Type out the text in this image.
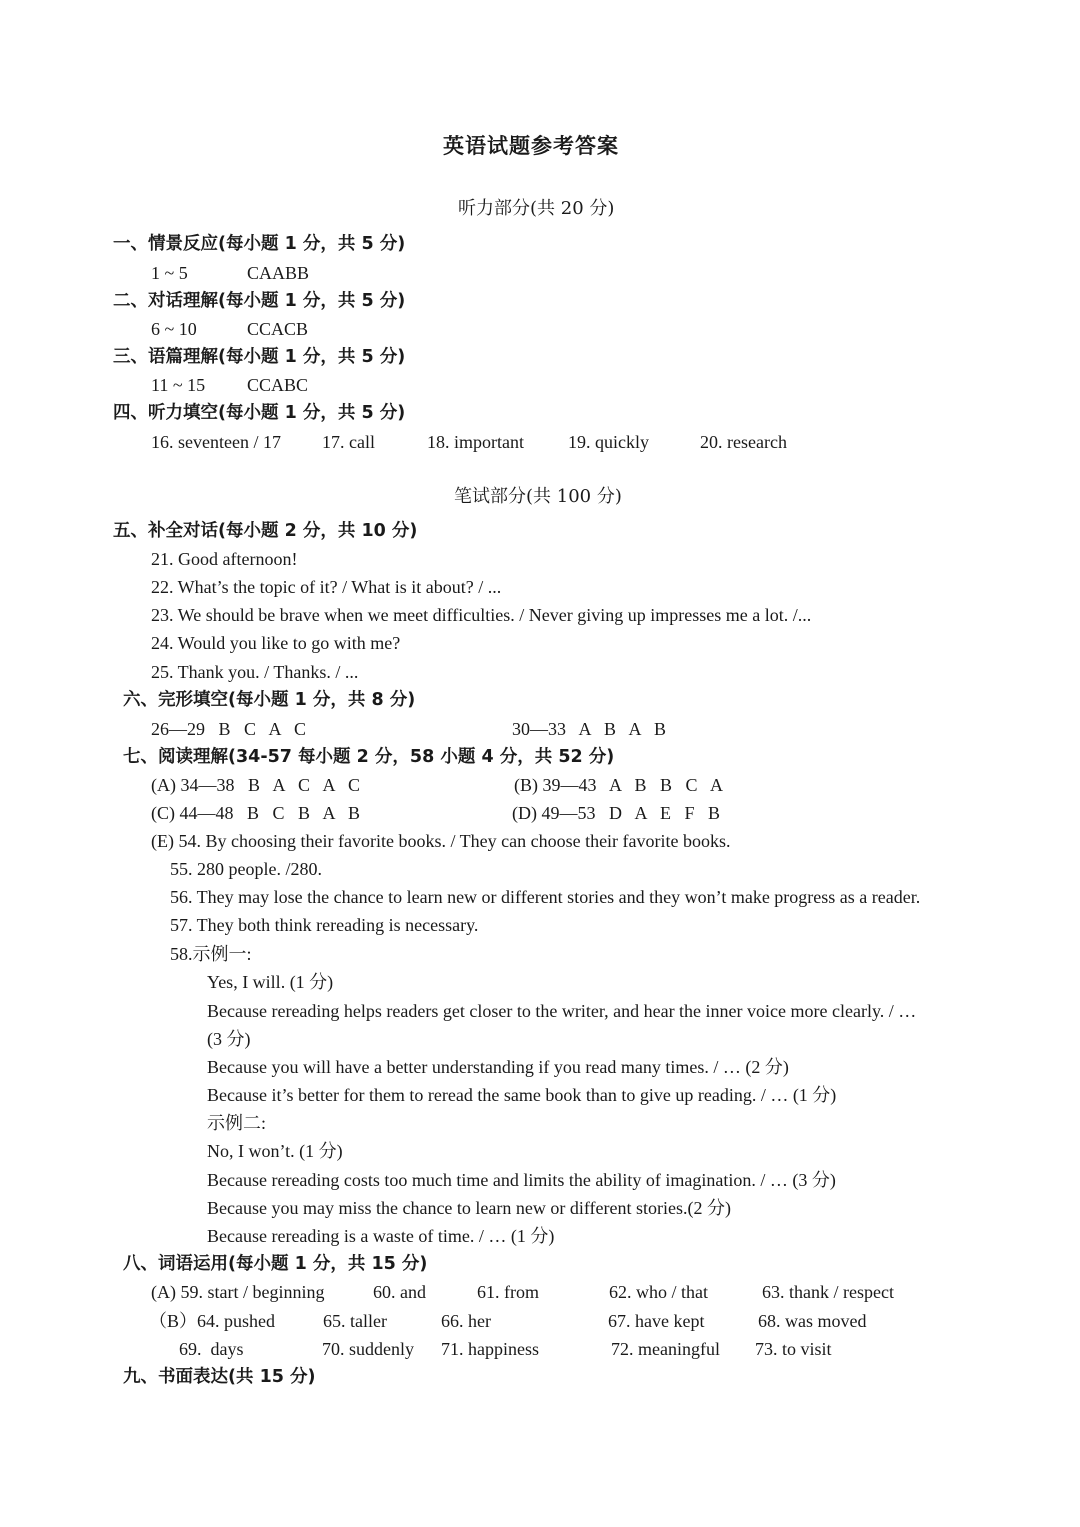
英语试题参考答案
听力部分(共 20 分)
一、情景反应(每小题 1 分，共 5 分)
1 ~ 5	CAABB
二、对话理解(每小题 1 分，共 5 分)
6 ~ 10	CCACB
三、语篇理解(每小题 1 分，共 5 分)
11 ~ 15 CCABC
四、听力填空(每小题 1 分，共 5 分)
16. seventeen / 17 17. call	18. important 19. quickly	20. research
笔试部分(共 100 分)
五、补全对话(每小题 2 分，共 10 分)
21. Good afternoon!
22. What’s the topic of it? / What is it about? / ...
23. We should be brave when we meet difficulties. / Never giving up impresses me a lot. /...
24. Would you like to go with me?
25. Thank you. / Thanks. / ...
六、完形填空(每小题 1 分，共 8 分)
26—29   B   C   A   C	30—33   A   B   A   B
七、阅读理解(34-57 每小题 2 分，58 小题 4 分，共 52 分)
(A) 34—38   B   A   C   A   C	(B) 39—43   A   B   B   C   A
(C) 44—48   B   C   B   A   B	(D) 49—53   D   A   E   F   B
(E) 54. By choosing their favorite books. / They can choose their favorite books.
55. 280 people. /280.
56. They may lose the chance to learn new or different stories and they won’t make progress as a reader.
57. They both think rereading is necessary.
58.示例一:
Yes, I will. (1 分)
Because rereading helps readers get closer to the writer, and hear the inner voice more clearly. / …
(3 分)
Because you will have a better understanding if you read many times. / … (2 分)
Because it’s better for them to reread the same book than to give up reading. / … (1 分)
示例二:
No, I won’t. (1 分)
Because rereading costs too much time and limits the ability of imagination. / … (3 分)
Because you may miss the chance to learn new or different stories.(2 分)
Because rereading is a waste of time. / … (1 分)
八、词语运用(每小题 1 分，共 15 分)
(A) 59. start / beginning	60. and	61. from	62. who / that	63. thank / respect
（B）64. pushed	65. taller	66. her	67. have kept	68. was moved
69.  days	70. suddenly 71. happiness	72. meaningful 73. to visit
九、书面表达(共 15 分)
